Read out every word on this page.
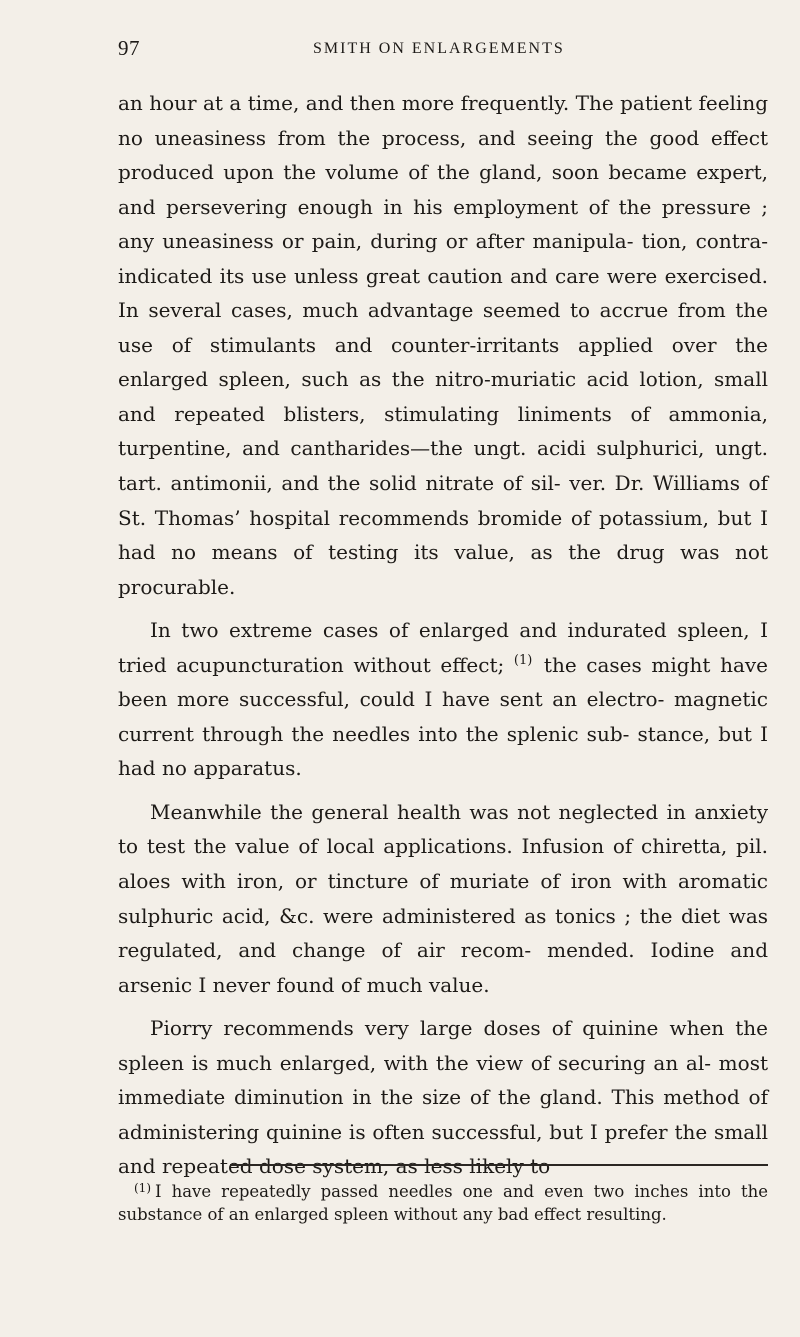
97	SMITH ON ENLARGEMENTS

an hour at a time, and then more frequently. The patient feeling no uneasiness from the process, and seeing the good effect produced upon the volume of the gland, soon became expert, and persevering enough in his employment of the pressure ; any uneasiness or pain, during or after manipula- tion, contra-indicated its use unless great caution and care were exercised. In several cases, much advantage seemed to accrue from the use of stimulants and counter-irritants applied over the enlarged spleen, such as the nitro-muriatic acid lotion, small and repeated blisters, stimulating liniments of ammonia, turpentine, and cantharides—the ungt. acidi sulphurici, ungt. tart. antimonii, and the solid nitrate of sil- ver. Dr. Williams of St. Thomas’ hospital recommends bromide of potassium, but I had no means of testing its value, as the drug was not procurable.

In two extreme cases of enlarged and indurated spleen, I tried acupuncturation without effect; $^{(1)}$ the cases might have been more successful, could I have sent an electro- magnetic current through the needles into the splenic sub- stance, but I had no apparatus.

Meanwhile the general health was not neglected in anxiety to test the value of local applications. Infusion of chiretta, pil. aloes with iron, or tincture of muriate of iron with aromatic sulphuric acid, &c. were administered as tonics ; the diet was regulated, and change of air recom- mended. Iodine and arsenic I never found of much value.

Piorry recommends very large doses of quinine when the spleen is much enlarged, with the view of securing an al- most immediate diminution in the size of the gland. This method of administering quinine is often successful, but I prefer the small and repeated dose system, as less likely to

$^{(1)}$ I have repeatedly passed needles one and even two inches into the substance of an enlarged spleen without any bad effect resulting.
